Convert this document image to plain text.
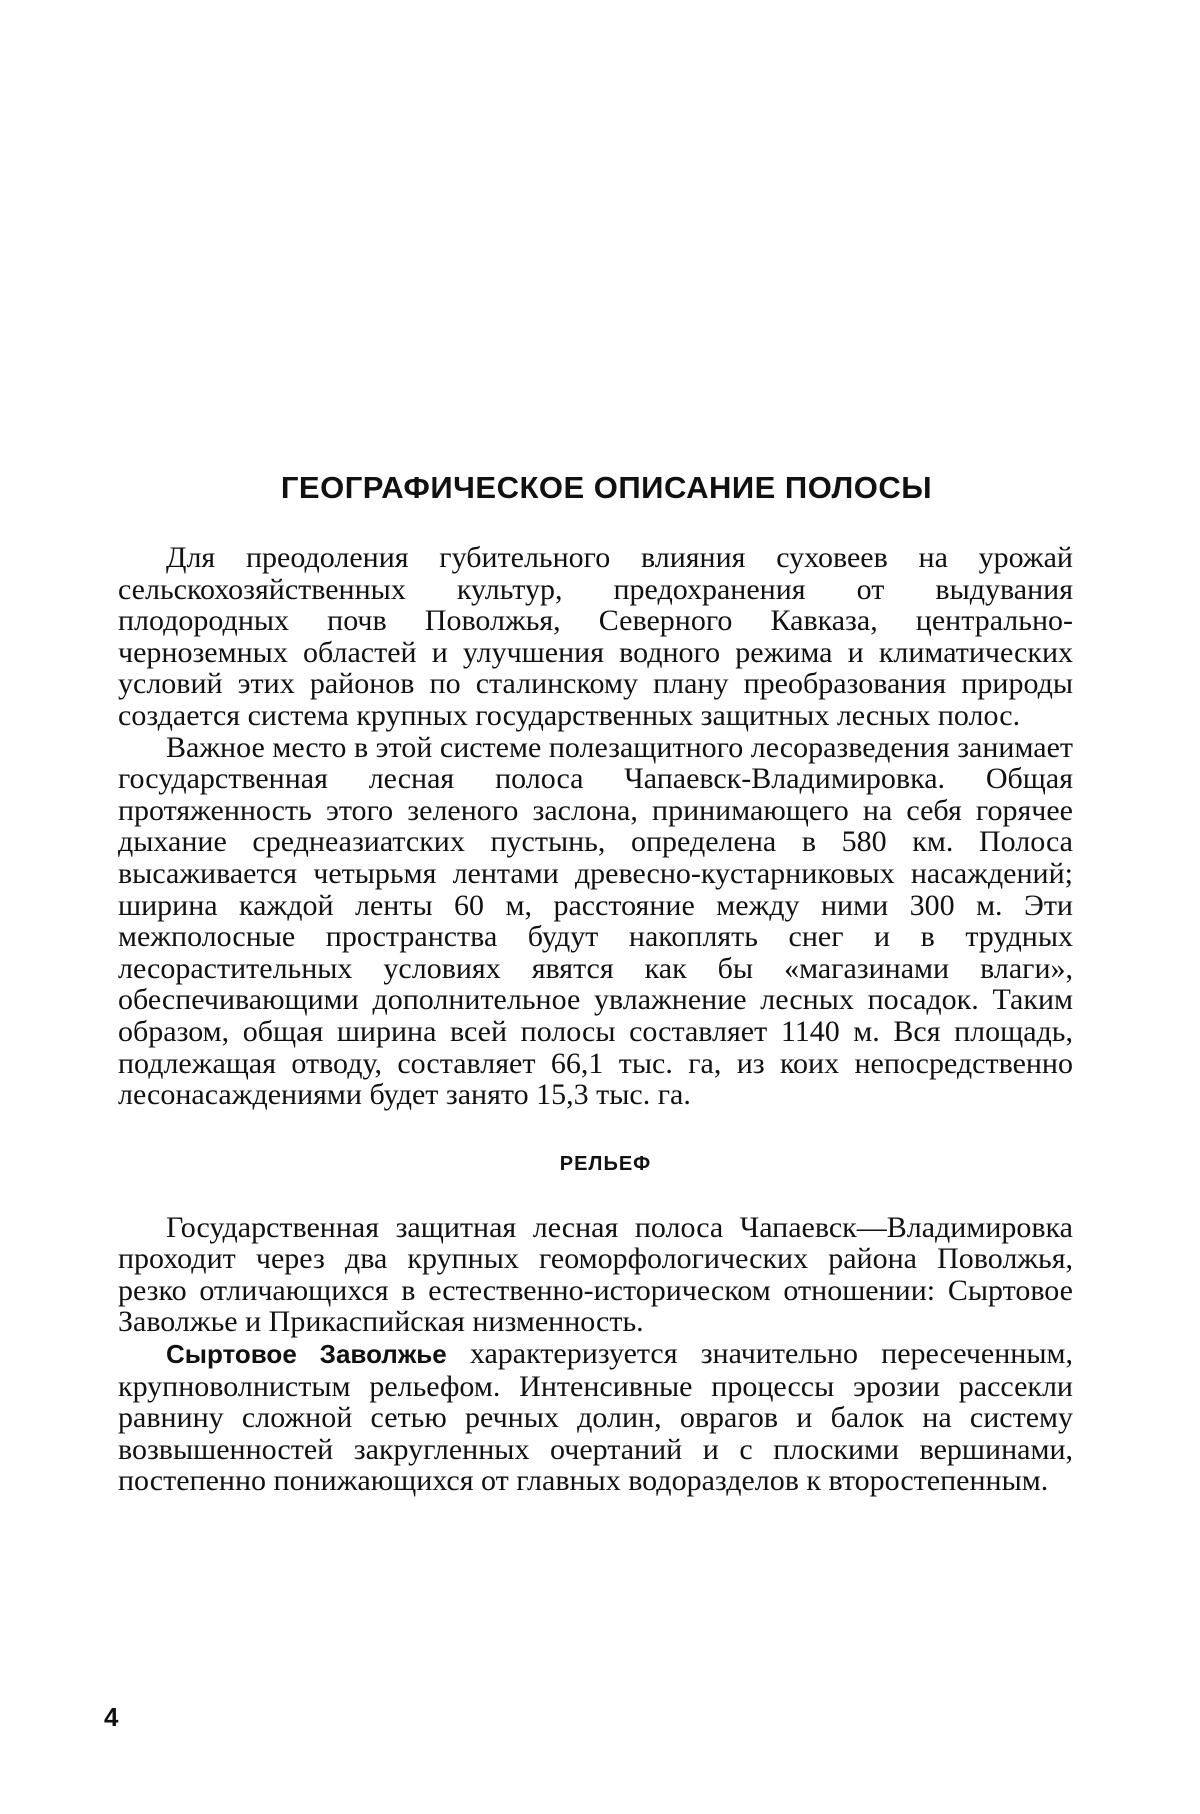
ГЕОГРАФИЧЕСКОЕ ОПИСАНИЕ ПОЛОСЫ

Для преодоления губительного влияния суховеев на урожай сельскохозяйственных культур, предохранения от выдувания плодородных почв Поволжья, Северного Кавказа, центрально-черноземных областей и улучшения водного режима и климатических условий этих районов по сталинскому плану преобразования природы создается система крупных государственных защитных лесных полос.

Важное место в этой системе полезащитного лесоразведения занимает государственная лесная полоса Чапаевск-Владимировка. Общая протяженность этого зеленого заслона, принимающего на себя горячее дыхание среднеазиатских пустынь, определена в 580 км. Полоса высаживается четырьмя лентами древесно-кустарниковых насаждений; ширина каждой ленты 60 м, расстояние между ними 300 м. Эти межполосные пространства будут накоплять снег и в трудных лесорастительных условиях явятся как бы «магазинами влаги», обеспечивающими дополнительное увлажнение лесных посадок. Таким образом, общая ширина всей полосы составляет 1140 м. Вся площадь, подлежащая отводу, составляет 66,1 тыс. га, из коих непосредственно лесонасаждениями будет занято 15,3 тыс. га.

РЕЛЬЕФ

Государственная защитная лесная полоса Чапаевск—Владимировка проходит через два крупных геоморфологических района Поволжья, резко отличающихся в естественно-историческом отношении: Сыртовое Заволжье и Прикаспийская низменность.

Сыртовое Заволжье характеризуется значительно пересеченным, крупноволнистым рельефом. Интенсивные процессы эрозии рассекли равнину сложной сетью речных долин, оврагов и балок на систему возвышенностей закругленных очертаний и с плоскими вершинами, постепенно понижающихся от главных водоразделов к второстепенным.

4
